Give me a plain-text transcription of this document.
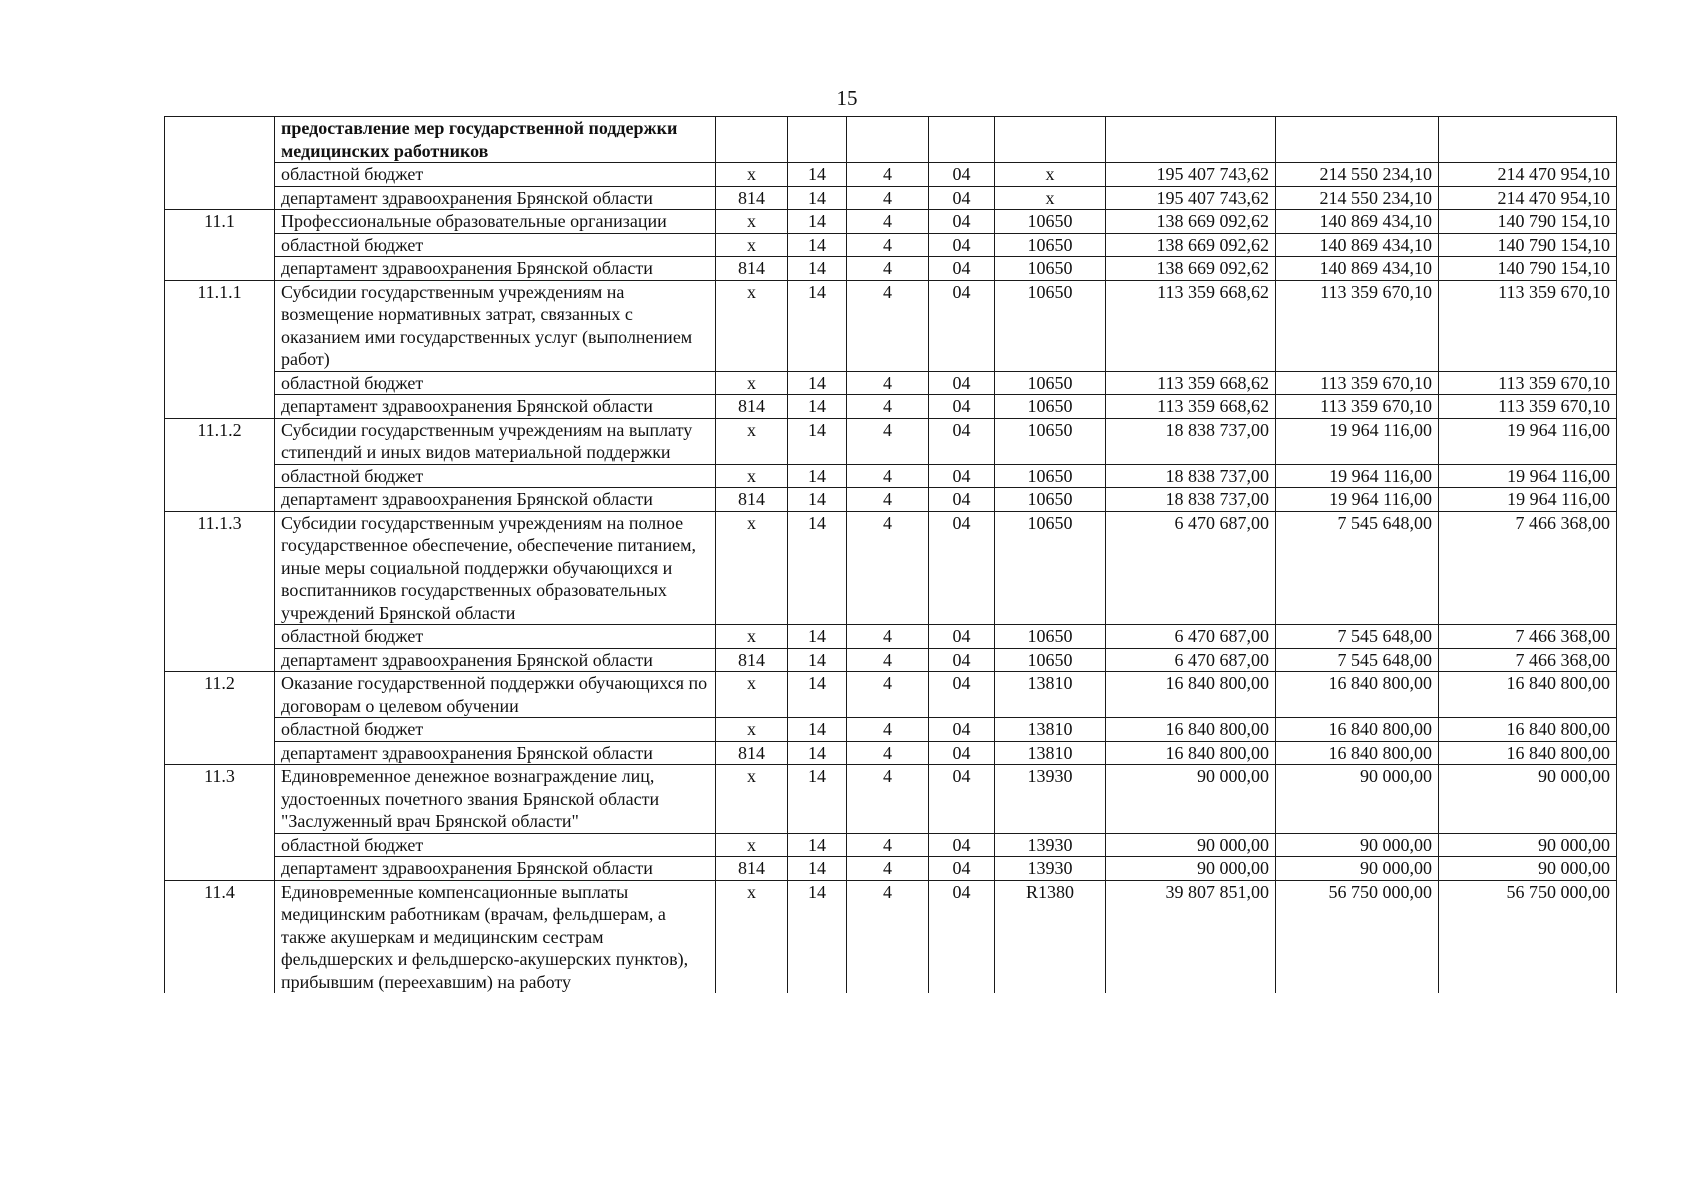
15
	предоставление мер государственной поддержки медицинских работников								
	областной бюджет	х	14	4	04	х	195 407 743,62	214 550 234,10	214 470 954,10
	департамент здравоохранения Брянской области	814	14	4	04	х	195 407 743,62	214 550 234,10	214 470 954,10
11.1	Профессиональные образовательные организации	х	14	4	04	10650	138 669 092,62	140 869 434,10	140 790 154,10
	областной бюджет	х	14	4	04	10650	138 669 092,62	140 869 434,10	140 790 154,10
	департамент здравоохранения Брянской области	814	14	4	04	10650	138 669 092,62	140 869 434,10	140 790 154,10
11.1.1	Субсидии государственным учреждениям на возмещение нормативных затрат, связанных с оказанием ими государственных услуг (выполнением работ)	х	14	4	04	10650	113 359 668,62	113 359 670,10	113 359 670,10
	областной бюджет	х	14	4	04	10650	113 359 668,62	113 359 670,10	113 359 670,10
	департамент здравоохранения Брянской области	814	14	4	04	10650	113 359 668,62	113 359 670,10	113 359 670,10
11.1.2	Субсидии государственным учреждениям на выплату стипендий и иных видов материальной поддержки	х	14	4	04	10650	18 838 737,00	19 964 116,00	19 964 116,00
	областной бюджет	х	14	4	04	10650	18 838 737,00	19 964 116,00	19 964 116,00
	департамент здравоохранения Брянской области	814	14	4	04	10650	18 838 737,00	19 964 116,00	19 964 116,00
11.1.3	Субсидии государственным учреждениям на полное государственное обеспечение, обеспечение питанием, иные меры социальной поддержки обучающихся и воспитанников государственных образовательных учреждений Брянской области	х	14	4	04	10650	6 470 687,00	7 545 648,00	7 466 368,00
	областной бюджет	х	14	4	04	10650	6 470 687,00	7 545 648,00	7 466 368,00
	департамент здравоохранения Брянской области	814	14	4	04	10650	6 470 687,00	7 545 648,00	7 466 368,00
11.2	Оказание государственной поддержки обучающихся по договорам о целевом обучении	х	14	4	04	13810	16 840 800,00	16 840 800,00	16 840 800,00
	областной бюджет	х	14	4	04	13810	16 840 800,00	16 840 800,00	16 840 800,00
	департамент здравоохранения Брянской области	814	14	4	04	13810	16 840 800,00	16 840 800,00	16 840 800,00
11.3	Единовременное денежное вознаграждение лиц, удостоенных почетного звания Брянской области "Заслуженный врач Брянской области"	х	14	4	04	13930	90 000,00	90 000,00	90 000,00
	областной бюджет	х	14	4	04	13930	90 000,00	90 000,00	90 000,00
	департамент здравоохранения Брянской области	814	14	4	04	13930	90 000,00	90 000,00	90 000,00
11.4	Единовременные компенсационные выплаты медицинским работникам (врачам, фельдшерам, а также акушеркам и медицинским сестрам фельдшерских и фельдшерско-акушерских пунктов), прибывшим (переехавшим) на работу	х	14	4	04	R1380	39 807 851,00	56 750 000,00	56 750 000,00
